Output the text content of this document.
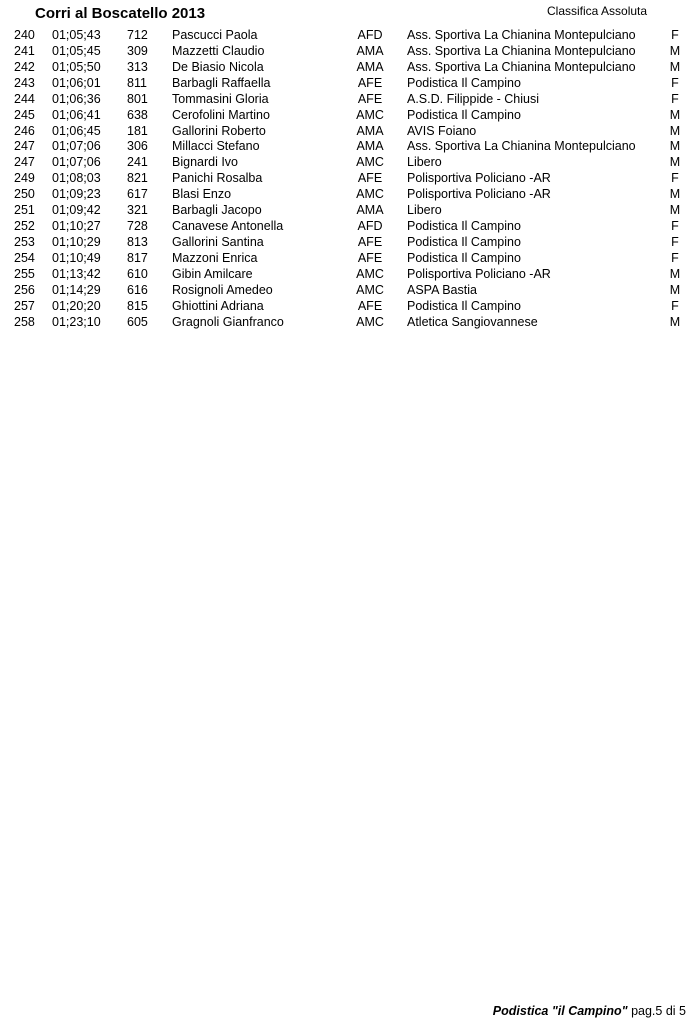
Corri al Boscatello 2013	Classifica Assoluta
240 01;05;43 712 Pascucci Paola	AFD	Ass. Sportiva La Chianina Montepulciano	F
241 01;05;45 309 Mazzetti Claudio	AMA	Ass. Sportiva La Chianina Montepulciano	M
242 01;05;50 313 De Biasio Nicola	AMA	Ass. Sportiva La Chianina Montepulciano	M
243 01;06;01 811 Barbagli Raffaella	AFE	Podistica Il Campino	F
244 01;06;36 801 Tommasini Gloria	AFE	A.S.D. Filippide - Chiusi	F
245 01;06;41 638 Cerofolini Martino	AMC	Podistica Il Campino	M
246 01;06;45 181 Gallorini Roberto	AMA	AVIS Foiano	M
247 01;07;06 306 Millacci Stefano	AMA	Ass. Sportiva La Chianina Montepulciano	M
247 01;07;06 241 Bignardi Ivo	AMC	Libero	M
249 01;08;03 821 Panichi Rosalba	AFE	Polisportiva Policiano -AR	F
250 01;09;23 617 Blasi Enzo	AMC	Polisportiva Policiano -AR	M
251 01;09;42 321 Barbagli Jacopo	AMA	Libero	M
252 01;10;27 728 Canavese Antonella	AFD	Podistica Il Campino	F
253 01;10;29 813 Gallorini Santina	AFE	Podistica Il Campino	F
254 01;10;49 817 Mazzoni Enrica	AFE	Podistica Il Campino	F
255 01;13;42 610 Gibin Amilcare	AMC	Polisportiva Policiano -AR	M
256 01;14;29 616 Rosignoli Amedeo	AMC	ASPA Bastia	M
257 01;20;20 815 Ghiottini Adriana	AFE	Podistica Il Campino	F
258 01;23;10 605 Gragnoli Gianfranco	AMC	Atletica Sangiovannese	M
Podistica "il Campino" pag.5 di 5
